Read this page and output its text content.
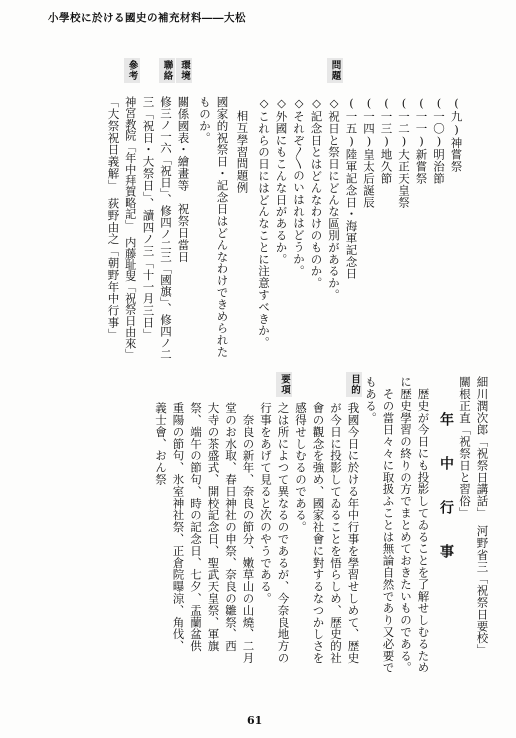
小學校に於ける國史の補充材料――大松
(九)神嘗祭
(一〇)明治節
(一一)新嘗祭
(一二)大正天皇祭
(一三)地久節
(一四)皇太后誕辰
(一五)陸軍記念日・海軍記念日
問題
◇祝日と祭日にどんな區別があるか。
◇記念日とはどんなわけのものか。
◇それぞ〳〵のいはれはどうか。
◇外國にもこんな日があるか。
◇これらの日にはどんなことに注意すべきか。
相互學習問題例
國家的祝祭日・記念日はどんなわけできめられた
ものか。
環境
關係國表・繪畫等　祝祭日當日
聯絡
修三ノ一六「祝日」、修四ノ二三「國旗」、修四ノ二
三「祝日・大祭日」、讀四ノ三「十一月三日」
參考
神宮教院「年中拜賀略記」　内藤耻叟「祝祭日由來」
「大祭祝日義解」　荻野由之「朝野年中行事」
細川潤次郎「祝祭日講話」　河野省三「祝祭日要校」
關根正直「祝祭日と習俗」
年　中　行　事
　歴史が今日にも投影してゐることを了解せしむるため
に歴史學習の終りの方でまとめておきたいものである。
　その當日々々に取扱ふことは無論自然であり又必要で
もある。
目的
我國今日に於ける年中行事を學習せしめて、歴史
が今日に投影してゐることを悟らしめ、歴史的社
會の觀念を強め、國家社會に對するなつかしさを
感得せしむるのである。
要項
之は所によつて異なるのであるが、今奈良地方の
行事をあげて見ると次のやうである。
　奈良の新年、奈良の節分、嫩草山の山燒、二月
堂のお水取、春日神社の申祭、奈良の雛祭、西
大寺の茶盛式、開校記念日、聖武天皇祭、軍旗
祭、端午の節句、時の記念日、七夕、盂蘭盆供
重陽の節句、氷室神社祭、正倉院曝涼、角伐、
義士會、おん祭
61
